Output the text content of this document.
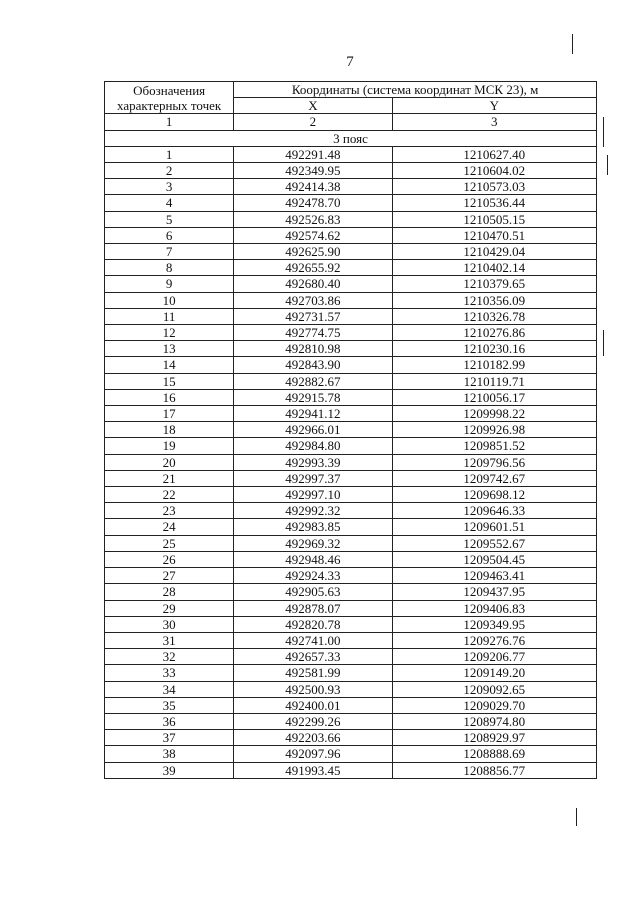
7
Обозначения характерных точек	Координаты (система координат МСК 23), м	
	X	Y
1	2	3
3 пояс		
1	492291.48	1210627.40
2	492349.95	1210604.02
3	492414.38	1210573.03
4	492478.70	1210536.44
5	492526.83	1210505.15
6	492574.62	1210470.51
7	492625.90	1210429.04
8	492655.92	1210402.14
9	492680.40	1210379.65
10	492703.86	1210356.09
11	492731.57	1210326.78
12	492774.75	1210276.86
13	492810.98	1210230.16
14	492843.90	1210182.99
15	492882.67	1210119.71
16	492915.78	1210056.17
17	492941.12	1209998.22
18	492966.01	1209926.98
19	492984.80	1209851.52
20	492993.39	1209796.56
21	492997.37	1209742.67
22	492997.10	1209698.12
23	492992.32	1209646.33
24	492983.85	1209601.51
25	492969.32	1209552.67
26	492948.46	1209504.45
27	492924.33	1209463.41
28	492905.63	1209437.95
29	492878.07	1209406.83
30	492820.78	1209349.95
31	492741.00	1209276.76
32	492657.33	1209206.77
33	492581.99	1209149.20
34	492500.93	1209092.65
35	492400.01	1209029.70
36	492299.26	1208974.80
37	492203.66	1208929.97
38	492097.96	1208888.69
39	491993.45	1208856.77
